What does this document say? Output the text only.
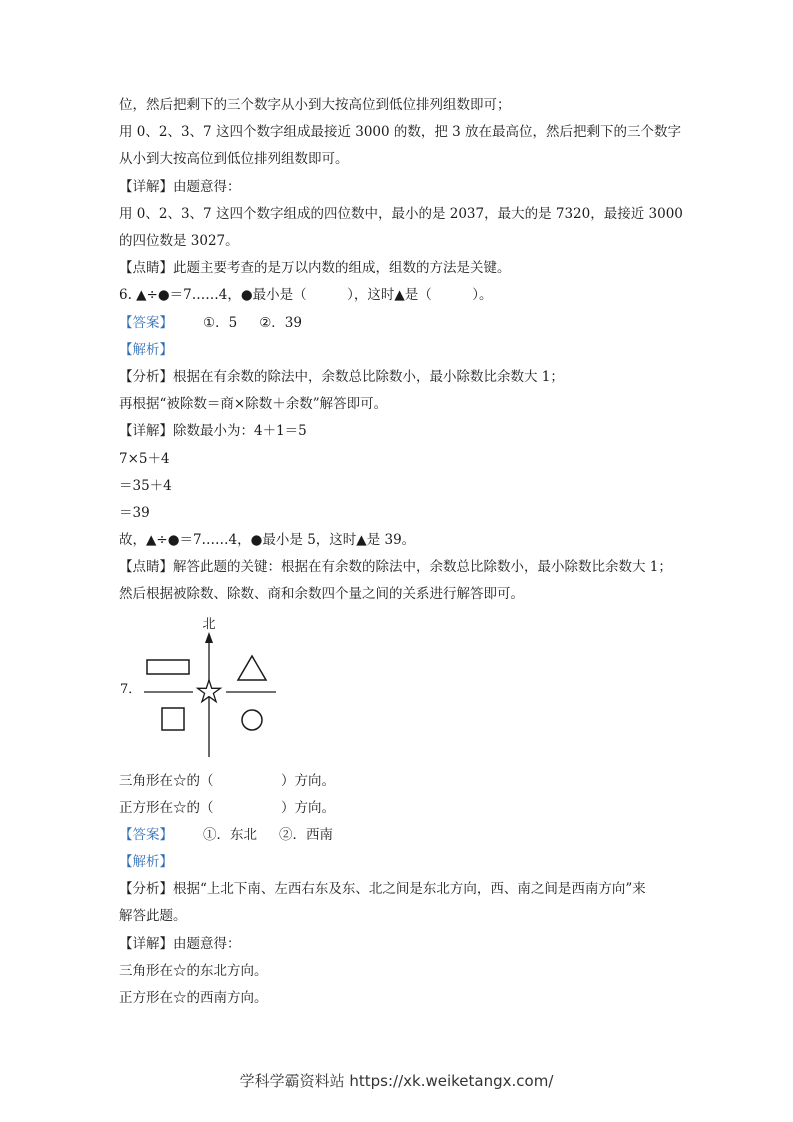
位，然后把剩下的三个数字从小到大按高位到低位排列组数即可；
用 0、2、3、7 这四个数字组成最接近 3000 的数，把 3 放在最高位，然后把剩下的三个数字
从小到大按高位到低位排列组数即可。
【详解】由题意得：
用 0、2、3、7 这四个数字组成的四位数中，最小的是 2037，最大的是 7320，最接近 3000
的四位数是 3027。
【点睛】此题主要考查的是万以内数的组成，组数的方法是关键。
6. ▲÷●＝7……4，●最小是（　　　），这时▲是（　　　）。
【答案】 ①．5 ②．39
【解析】
【分析】根据在有余数的除法中，余数总比除数小，最小除数比余数大 1；
再根据“被除数＝商×除数＋余数”解答即可。
【详解】除数最小为：4＋1＝5
7×5＋4
＝35＋4
＝39
故，▲÷●＝7……4，●最小是 5，这时▲是 39。
【点睛】解答此题的关键：根据在有余数的除法中，余数总比除数小，最小除数比余数大 1；
然后根据被除数、除数、商和余数四个量之间的关系进行解答即可。
7．
北
三角形在☆的（　　　　　）方向。
正方形在☆的（　　　　　）方向。
【答案】 ①．东北 ②．西南
【解析】
【分析】根据“上北下南、左西右东及东、北之间是东北方向，西、南之间是西南方向”来
解答此题。
【详解】由题意得：
三角形在☆的东北方向。
正方形在☆的西南方向。
学科学霸资料站 https://xk.weiketangx.com/
